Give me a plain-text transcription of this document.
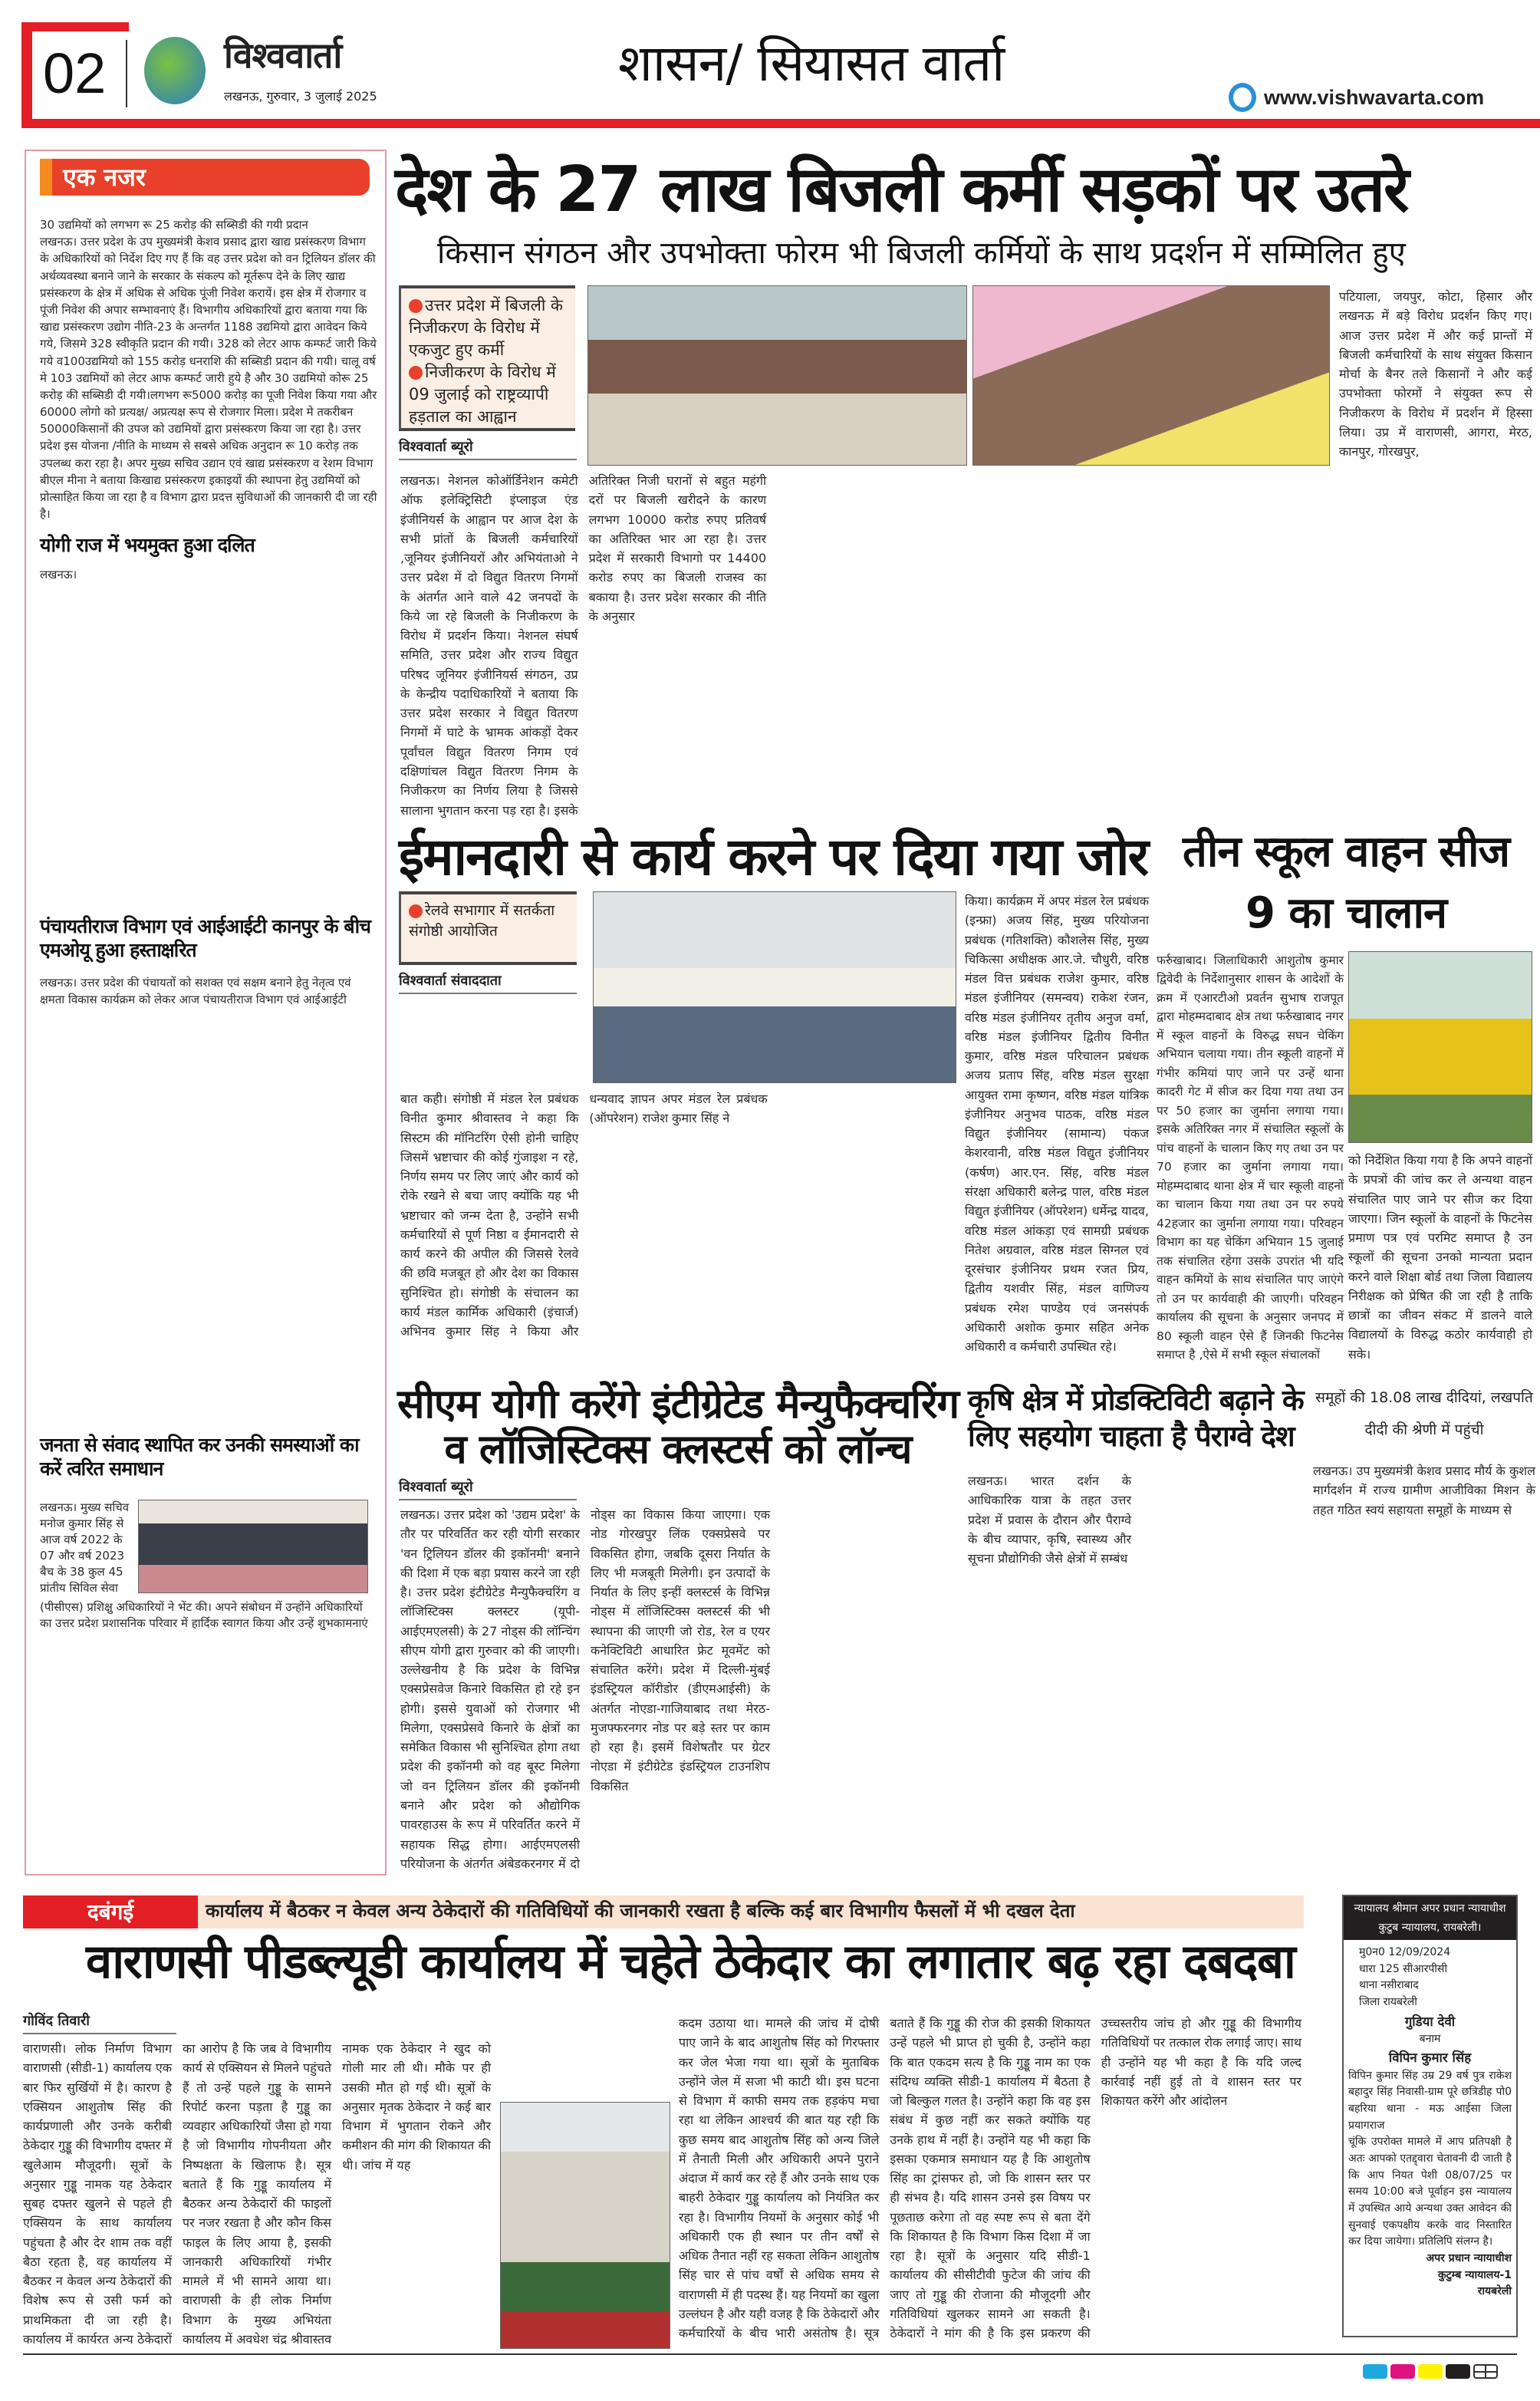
02	विश्ववार्ता
लखनऊ, गुरुवार, 3 जुलाई 2025
शासन/ सियासत वार्ता
www.vishwavarta.com
एक नजर
30 उद्यमियों को लगभग रू 25 करोड़ की सब्सिडी की गयी प्रदान
लखनऊ। उत्तर प्रदेश के उप मुख्यमंत्री केशव प्रसाद द्वारा खाद्य प्रसंस्करण विभाग के अधिकारियों को निर्देश दिए गए हैं कि वह उत्तर प्रदेश को वन ट्रिलियन डॉलर की अर्थव्यवस्था बनाने जाने के सरकार के संकल्प को मूर्तरूप देने के लिए खाद्य प्रसंस्करण के क्षेत्र में अधिक से अधिक पूंजी निवेश करायें। इस क्षेत्र में रोजगार व पूंजी निवेश की अपार सम्भावनाएं हैं। विभागीय अधिकारियों द्वारा बताया गया कि खाद्य प्रसंस्करण उद्योग नीति-23 के अन्तर्गत 1188 उद्यमियो द्वारा आवेदन किये गये, जिसमे 328 स्वीकृति प्रदान की गयी। 328 को लेटर आफ कम्फर्ट जारी किये गये व100उद्यमियो को 155 करोड़ धनराशि की सब्सिडी प्रदान की गयी। चालू वर्ष मे 103 उद्यमियों को लेटर आफ कम्फर्ट जारी हुये है और 30 उद्यमियो कोरू 25 करोड़ की सब्सिडी दी गयी।लगभग रू5000 करोड़ का पूजी निवेश किया गया और 60000 लोगो को प्रत्यक्ष/ अप्रत्यक्ष रूप से रोजगार मिला। प्रदेश मे तकरीबन 50000किसानों की उपज को उद्यमियों द्वारा प्रसंस्करण किया जा रहा है। उत्तर प्रदेश इस योजना /नीति के माध्यम से सबसे अधिक अनुदान रू 10 करोड़ तक उपलब्ध करा रहा है। अपर मुख्य सचिव उद्यान एवं खाद्य प्रसंस्करण व रेशम विभाग बीएल मीना ने बताया किखाद्य प्रसंस्करण इकाइयों की स्थापना हेतु उद्यमियों को प्रोत्साहित किया जा रहा है व विभाग द्वारा प्रदत्त सुविधाओं की जानकारी दी जा रही है।
योगी राज में भयमुक्त हुआ दलित
लखनऊ।
पंचायतीराज विभाग एवं आईआईटी कानपुर के बीच एमओयू हुआ हस्ताक्षरित
लखनऊ। उत्तर प्रदेश की पंचायतों को सशक्त एवं सक्षम बनाने हेतु नेतृत्व एवं क्षमता विकास कार्यक्रम को लेकर आज पंचायतीराज विभाग एवं आईआईटी
जनता से संवाद स्थापित कर उनकी समस्याओं का करें त्वरित समाधान
लखनऊ। मुख्य सचिव मनोज कुमार सिंह से आज वर्ष 2022 के 07 और वर्ष 2023 बैच के 38 कुल 45 प्रांतीय सिविल सेवा
(पीसीएस) प्रशिक्षु अधिकारियों ने भेंट की। अपने संबोधन में उन्होंने अधिकारियों का उत्तर प्रदेश प्रशासनिक परिवार में हार्दिक स्वागत किया और उन्हें शुभकामनाएं
देश के 27 लाख बिजली कर्मी सड़कों पर उतरे
किसान संगठन और उपभोक्ता फोरम भी बिजली कर्मियों के साथ प्रदर्शन में सम्मिलित हुए
उत्तर प्रदेश में बिजली के निजीकरण के विरोध में एकजुट हुए कर्मी
निजीकरण के विरोध में 09 जुलाई को राष्ट्रव्यापी हड़ताल का आह्वान
विश्ववार्ता ब्यूरो
लखनऊ। नेशनल कोऑर्डिनेशन कमेटी ऑफ इलेक्ट्रिसिटी इंप्लाइज एंड इंजीनियर्स के आह्वान पर आज देश के सभी प्रांतों के बिजली कर्मचारियों ,जूनियर इंजीनियरों और अभियंताओ ने उत्तर प्रदेश में दो विद्युत वितरण निगमों के अंतर्गत आने वाले 42 जनपदों के किये जा रहे बिजली के निजीकरण के विरोध में प्रदर्शन किया। नेशनल संघर्ष समिति, उत्तर प्रदेश और राज्य विद्युत परिषद जूनियर इंजीनियर्स संगठन, उप्र के केन्द्रीय पदाधिकारियों ने बताया कि उत्तर प्रदेश सरकार ने विद्युत वितरण निगमों में घाटे के भ्रामक आंकड़ों देकर पूर्वांचल विद्युत वितरण निगम एवं दक्षिणांचल विद्युत वितरण निगम के निजीकरण का निर्णय लिया है जिससे सालाना भुगतान करना पड़ रहा है। इसके अतिरिक्त निजी घरानों से बहुत महंगी दरों पर बिजली खरीदने के कारण लगभग 10000 करोड रुपए प्रतिवर्ष का अतिरिक्त भार आ रहा है। उत्तर प्रदेश में सरकारी विभागो पर 14400 करोड रुपए का बिजली राजस्व का बकाया है। उत्तर प्रदेश सरकार की नीति के अनुसार
पटियाला, जयपुर, कोटा, हिसार और लखनऊ में बड़े विरोध प्रदर्शन किए गए। आज उत्तर प्रदेश में और कई प्रान्तों में बिजली कर्मचारियों के साथ संयुक्त किसान मोर्चा के बैनर तले किसानों ने और कई उपभोक्ता फोरमों ने संयुक्त रूप से निजीकरण के विरोध में प्रदर्शन में हिस्सा लिया। उप्र में वाराणसी, आगरा, मेरठ, कानपुर, गोरखपुर,
ईमानदारी से कार्य करने पर दिया गया जोर
रेलवे सभागार में सतर्कता संगोष्ठी आयोजित
विश्ववार्ता संवाददाता
बात कही। संगोष्ठी में मंडल रेल प्रबंधक विनीत कुमार श्रीवास्तव ने कहा कि सिस्टम की मॉनिटरिंग ऐसी होनी चाहिए जिसमें भ्रष्टाचार की कोई गुंजाइश न रहे, निर्णय समय पर लिए जाएं और कार्य को रोके रखने से बचा जाए क्योंकि यह भी भ्रष्टाचार को जन्म देता है, उन्होंने सभी कर्मचारियों से पूर्ण निष्ठा व ईमानदारी से कार्य करने की अपील की जिससे रेलवे की छवि मजबूत हो और देश का विकास सुनिश्चित हो। संगोष्ठी के संचालन का कार्य मंडल कार्मिक अधिकारी (इंचार्ज) अभिनव कुमार सिंह ने किया और धन्यवाद ज्ञापन अपर मंडल रेल प्रबंधक (ऑपरेशन) राजेश कुमार सिंह ने
किया। कार्यक्रम में अपर मंडल रेल प्रबंधक (इन्फ्रा) अजय सिंह, मुख्य परियोजना प्रबंधक (गतिशक्ति) कौशलेस सिंह, मुख्य चिकित्सा अधीक्षक आर.जे. चौधुरी, वरिष्ठ मंडल वित्त प्रबंधक राजेश कुमार, वरिष्ठ मंडल इंजीनियर (समन्वय) राकेश रंजन, वरिष्ठ मंडल इंजीनियर तृतीय अनुज वर्मा, वरिष्ठ मंडल इंजीनियर द्वितीय विनीत कुमार, वरिष्ठ मंडल परिचालन प्रबंधक अजय प्रताप सिंह, वरिष्ठ मंडल सुरक्षा आयुक्त रामा कृष्णन, वरिष्ठ मंडल यांत्रिक इंजीनियर अनुभव पाठक, वरिष्ठ मंडल विद्युत इंजीनियर (सामान्य) पंकज केशरवानी, वरिष्ठ मंडल विद्युत इंजीनियर (कर्षण) आर.एन. सिंह, वरिष्ठ मंडल संरक्षा अधिकारी बलेन्द्र पाल, वरिष्ठ मंडल विद्युत इंजीनियर (ऑपरेशन) धर्मेन्द्र यादव, वरिष्ठ मंडल आंकड़ा एवं सामग्री प्रबंधक नितेश अग्रवाल, वरिष्ठ मंडल सिग्नल एवं दूरसंचार इंजीनियर प्रथम रजत प्रिय, द्वितीय यशवीर सिंह, मंडल वाणिज्य प्रबंधक रमेश पाण्डेय एवं जनसंपर्क अधिकारी अशोक कुमार सहित अनेक अधिकारी व कर्मचारी उपस्थित रहे।
तीन स्कूल वाहन सीज
9 का चालान
फर्रुखाबाद। जिलाधिकारी आशुतोष कुमार द्विवेदी के निर्देशानुसार शासन के आदेशों के क्रम में एआरटीओ प्रवर्तन सुभाष राजपूत द्वारा मोहम्मदाबाद क्षेत्र तथा फर्रुखाबाद नगर में स्कूल वाहनों के विरुद्ध सघन चेकिंग अभियान चलाया गया। तीन स्कूली वाहनों में गंभीर कमियां पाए जाने पर उन्हें थाना कादरी गेट में सीज कर दिया गया तथा उन पर 50 हजार का जुर्माना लगाया गया। इसके अतिरिक्त नगर में संचालित स्कूलों के पांच वाहनों के चालान किए गए तथा उन पर 70 हजार का जुर्माना लगाया गया। मोहम्मदाबाद थाना क्षेत्र में चार स्कूली वाहनों का चालान किया गया तथा उन पर रुपये 42हजार का जुर्माना लगाया गया। परिवहन विभाग का यह चेकिंग अभियान 15 जुलाई तक संचालित रहेगा उसके उपरांत भी यदि वाहन कमियों के साथ संचालित पाए जाएंगे तो उन पर कार्यवाही की जाएगी। परिवहन कार्यालय की सूचना के अनुसार जनपद में 80 स्कूली वाहन ऐसे हैं जिनकी फिटनेस समाप्त है ,ऐसे में सभी स्कूल संचालकों
को निर्देशित किया गया है कि अपने वाहनों के प्रपत्रों की जांच कर ले अन्यथा वाहन संचालित पाए जाने पर सीज कर दिया जाएगा। जिन स्कूलों के वाहनों के फिटनेस प्रमाण पत्र एवं परमिट समाप्त है उन स्कूलों की सूचना उनको मान्यता प्रदान करने वाले शिक्षा बोर्ड तथा जिला विद्यालय निरीक्षक को प्रेषित की जा रही है ताकि छात्रों का जीवन संकट में डालने वाले विद्यालयों के विरुद्ध कठोर कार्यवाही हो सके।
सीएम योगी करेंगे इंटीग्रेटेड मैन्युफैक्चरिंग व लॉजिस्टिक्स क्लस्टर्स को लॉन्च
विश्ववार्ता ब्यूरो
लखनऊ। उत्तर प्रदेश को 'उद्यम प्रदेश' के तौर पर परिवर्तित कर रही योगी सरकार 'वन ट्रिलियन डॉलर की इकॉनमी' बनाने की दिशा में एक बड़ा प्रयास करने जा रही है। उत्तर प्रदेश इंटीग्रेटेड मैन्युफैक्चरिंग व लॉजिस्टिक्स क्लस्टर (यूपी-आईएमएलसी) के 27 नोड्स की लॉन्चिंग सीएम योगी द्वारा गुरुवार को की जाएगी। उल्लेखनीय है कि प्रदेश के विभिन्न एक्सप्रेसवेज किनारे विकसित हो रहे इन होगी। इससे युवाओं को रोजगार भी मिलेगा, एक्सप्रेसवे किनारे के क्षेत्रों का समेकित विकास भी सुनिश्चित होगा तथा प्रदेश की इकॉनमी को वह बूस्ट मिलेगा जो वन ट्रिलियन डॉलर की इकॉनमी बनाने और प्रदेश को औद्योगिक पावरहाउस के रूप में परिवर्तित करने में सहायक सिद्ध होगा। आईएमएलसी परियोजना के अंतर्गत अंबेडकरनगर में दो नोड्स का विकास किया जाएगा। एक नोड गोरखपुर लिंक एक्सप्रेसवे पर विकसित होगा, जबकि दूसरा निर्यात के लिए भी मजबूती मिलेगी। इन उत्पादों के निर्यात के लिए इन्हीं क्लस्टर्स के विभिन्न नोड्स में लॉजिस्टिक्स क्लस्टर्स की भी स्थापना की जाएगी जो रोड, रेल व एयर कनेक्टिविटी आधारित फ्रेट मूवमेंट को संचालित करेंगे। प्रदेश में दिल्ली-मुंबई इंडस्ट्रियल कॉरीडोर (डीएमआईसी) के अंतर्गत नोएडा-गाजियाबाद तथा मेरठ-मुजफ्फरनगर नोड पर बड़े स्तर पर काम हो रहा है। इसमें विशेषतौर पर ग्रेटर नोएडा में इंटीग्रेटेड इंडस्ट्रियल टाउनशिप विकसित
कृषि क्षेत्र में प्रोडक्टिविटी बढ़ाने के लिए सहयोग चाहता है पैराग्वे देश
लखनऊ। भारत दर्शन के आधिकारिक यात्रा के तहत उत्तर प्रदेश में प्रवास के दौरान और पैराग्वे के बीच व्यापार, कृषि, स्वास्थ्य और सूचना प्रौद्योगिकी जैसे क्षेत्रों में सम्बंध
समूहों की 18.08 लाख दीदियां, लखपति दीदी की श्रेणी में पहुंची
लखनऊ। उप मुख्यमंत्री केशव प्रसाद मौर्य के कुशल मार्गदर्शन में राज्य ग्रामीण आजीविका मिशन के तहत गठित स्वयं सहायता समूहों के माध्यम से
दबंगई	कार्यालय में बैठकर न केवल अन्य ठेकेदारों की गतिविधियों की जानकारी रखता है बल्कि कई बार विभागीय फैसलों में भी दखल देता
वाराणसी पीडब्ल्यूडी कार्यालय में चहेते ठेकेदार का लगातार बढ़ रहा दबदबा
गोविंद तिवारी
वाराणसी। लोक निर्माण विभाग वाराणसी (सीडी-1) कार्यालय एक बार फिर सुर्खियों में है। कारण है एक्सियन आशुतोष सिंह की कार्यप्रणाली और उनके करीबी ठेकेदार गुड्डू की विभागीय दफ्तर में खुलेआम मौजूदगी। सूत्रों के अनुसार गुड्डू नामक यह ठेकेदार सुबह दफ्तर खुलने से पहले ही एक्सियन के साथ कार्यालय पहुंचता है और देर शाम तक वहीं बैठा रहता है, वह कार्यालय में बैठकर न केवल अन्य ठेकेदारों की विशेष रूप से उसी फर्म को प्राथमिकता दी जा रही है। कार्यालय में कार्यरत अन्य ठेकेदारों का आरोप है कि जब वे विभागीय कार्य से एक्सियन से मिलने पहुंचते हैं तो उन्हें पहले गुड्डू के सामने रिपोर्ट करना पड़ता है गुड्डू का व्यवहार अधिकारियों जैसा हो गया है जो विभागीय गोपनीयता और निष्पक्षता के खिलाफ है। सूत्र बताते हैं कि गुड्डू कार्यालय में बैठकर अन्य ठेकेदारों की फाइलों पर नजर रखता है और कौन किस फाइल के लिए आया है, इसकी जानकारी अधिकारियों गंभीर मामले में भी सामने आया था। वाराणसी के ही लोक निर्माण विभाग के मुख्य अभियंता कार्यालय में अवधेश चंद्र श्रीवास्तव नामक एक ठेकेदार ने खुद को गोली मार ली थी। मौके पर ही उसकी मौत हो गई थी। सूत्रों के अनुसार मृतक ठेकेदार ने कई बार विभाग में भुगतान रोकने और कमीशन की मांग की शिकायत की थी। जांच में यह
कदम उठाया था। मामले की जांच में दोषी पाए जाने के बाद आशुतोष सिंह को गिरफ्तार कर जेल भेजा गया था। सूत्रों के मुताबिक उन्होंने जेल में सजा भी काटी थी। इस घटना से विभाग में काफी समय तक हड़कंप मचा रहा था लेकिन आश्चर्य की बात यह रही कि कुछ समय बाद आशुतोष सिंह को अन्य जिले में तैनाती मिली और अधिकारी अपने पुराने अंदाज में कार्य कर रहे हैं और उनके साथ एक बाहरी ठेकेदार गुड्डू कार्यालय को नियंत्रित कर रहा है। विभागीय नियमों के अनुसार कोई भी अधिकारी एक ही स्थान पर तीन वर्षों से अधिक तैनात नहीं रह सकता लेकिन आशुतोष सिंह चार से पांच वर्षों से अधिक समय से वाराणसी में ही पदस्थ हैं। यह नियमों का खुला उल्लंघन है और यही वजह है कि ठेकेदारों और कर्मचारियों के बीच भारी असंतोष है। सूत्र बताते हैं कि गुड्डू की रोज की इसकी शिकायत उन्हें पहले भी प्राप्त हो चुकी है, उन्होंने कहा कि बात एकदम सत्य है कि गुड्डू नाम का एक संदिग्ध व्यक्ति सीडी-1 कार्यालय में बैठता है जो बिल्कुल गलत है। उन्होंने कहा कि वह इस संबंध में कुछ नहीं कर सकते क्योंकि यह उनके हाथ में नहीं है। उन्होंने यह भी कहा कि इसका एकमात्र समाधान यह है कि आशुतोष सिंह का ट्रांसफर हो, जो कि शासन स्तर पर ही संभव है। यदि शासन उनसे इस विषय पर पूछताछ करेगा तो वह स्पष्ट रूप से बता देंगे कि शिकायत है कि विभाग किस दिशा में जा रहा है। सूत्रों के अनुसार यदि सीडी-1 कार्यालय की सीसीटीवी फुटेज की जांच की जाए तो गुड्डू की रोजाना की मौजूदगी और गतिविधियां खुलकर सामने आ सकती है। ठेकेदारों ने मांग की है कि इस प्रकरण की उच्चस्तरीय जांच हो और गुड्डू की विभागीय गतिविधियों पर तत्काल रोक लगाई जाए। साथ ही उन्होंने यह भी कहा है कि यदि जल्द कार्रवाई नहीं हुई तो वे शासन स्तर पर शिकायत करेंगे और आंदोलन
न्यायालय श्रीमान अपर प्रधान न्यायाधीश कुटुब न्यायालय, रायबरेली।
मु0न0 12/09/2024
धारा 125 सीआरपीसी
थाना नसीराबाद
जिला रायबरेली
गुडिया देवी
बनाम
विपिन कुमार सिंह
विपिन कुमार सिंह उम्र 29 वर्ष पुत्र राकेश बहादुर सिंह निवासी-ग्राम पूरे छत्रिडीह पो0 बहरिया थाना - मऊ आईसा जिला प्रयागराज
चूंकि उपरोक्त मामले में आप प्रतिपक्षी है अतः आपको एतद्द्वारा चेतावनी दी जाती है कि आप नियत पेशी 08/07/25 पर समय 10:00 बजे पूर्वाहन इस न्यायालय में उपस्थित आये अन्यथा उक्त आवेदन की सुनवाई एकपक्षीय करके वाद निस्तारित कर दिया जायेगा। प्रतिलिपि संलग्न है।
अपर प्रधान न्यायाधीश
कुटुम्ब न्यायालय-1
रायबरेली
